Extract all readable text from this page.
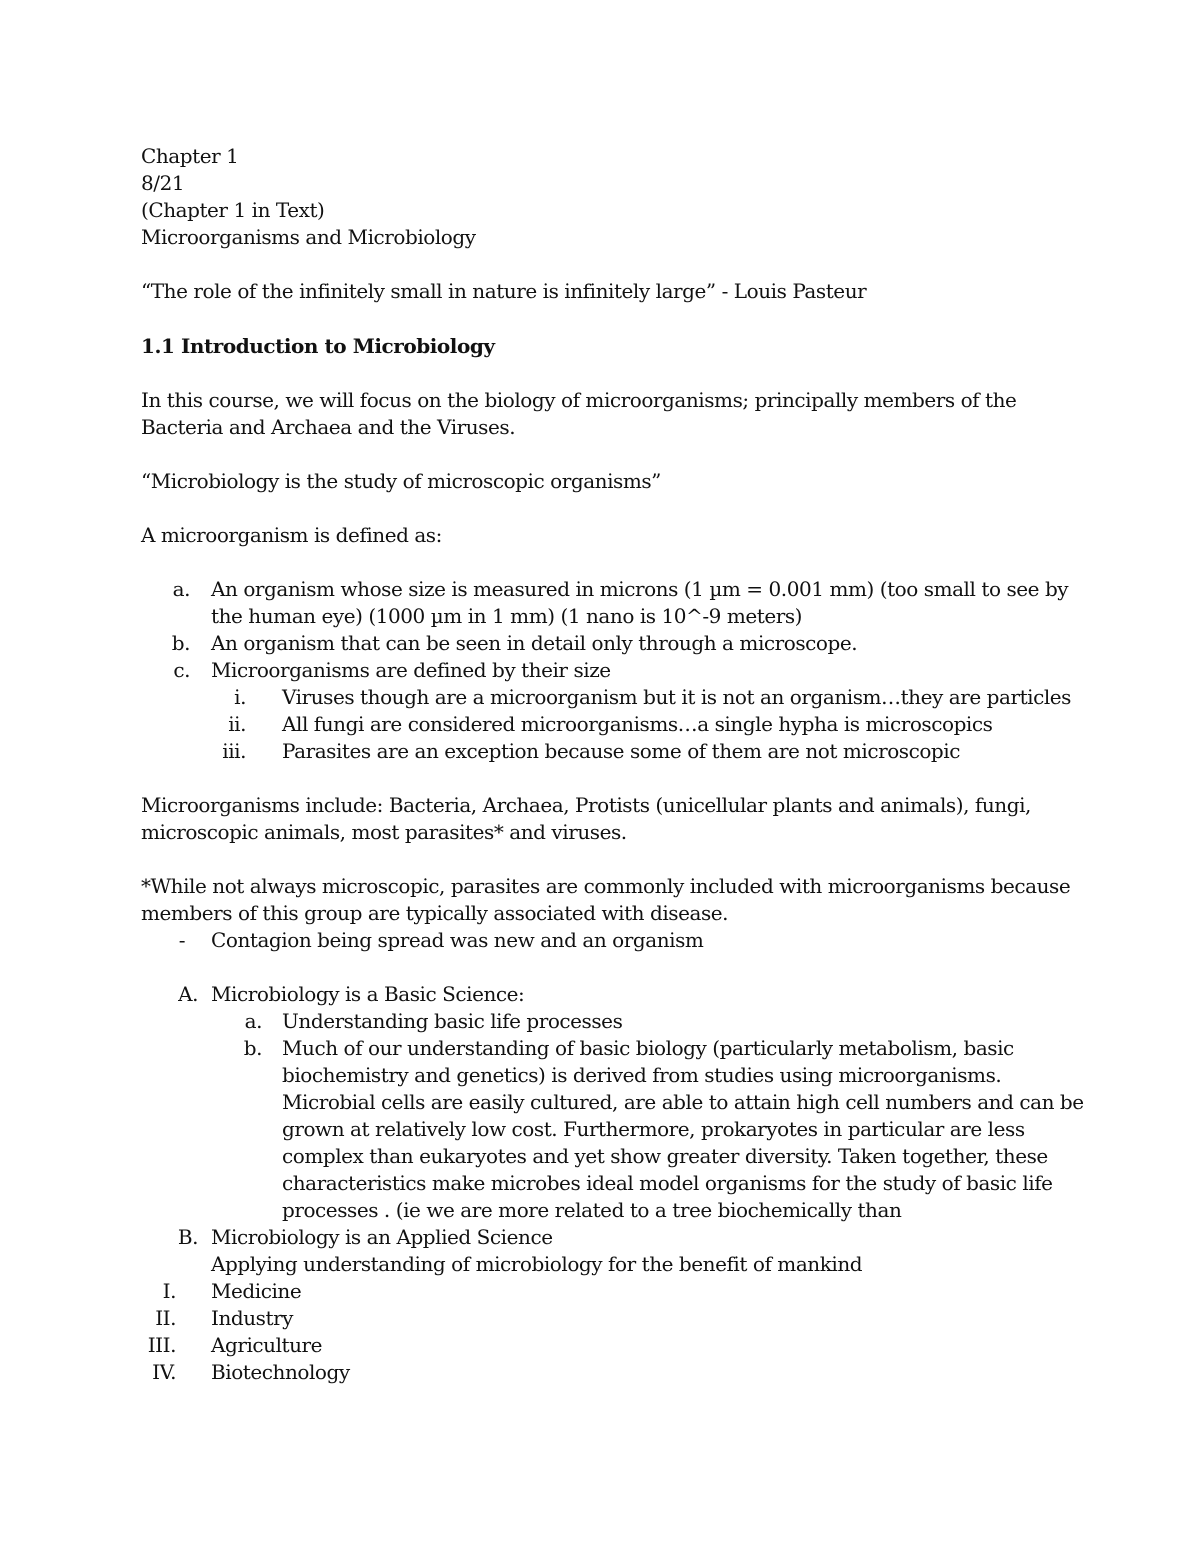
Chapter 1
8/21
(Chapter 1 in Text)
Microorganisms and Microbiology
“The role of the infinitely small in nature is infinitely large” - Louis Pasteur
1.1 Introduction to Microbiology
In this course, we will focus on the biology of microorganisms; principally members of the
Bacteria and Archaea and the Viruses.
“Microbiology is the study of microscopic organisms”
A microorganism is defined as:
a. An organism whose size is measured in microns (1 µm = 0.001 mm) (too small to see by
the human eye) (1000 µm in 1 mm) (1 nano is 10^-9 meters)
b. An organism that can be seen in detail only through a microscope.
c. Microorganisms are defined by their size
i. Viruses though are a microorganism but it is not an organism…they are particles
ii. All fungi are considered microorganisms…a single hypha is microscopics
iii. Parasites are an exception because some of them are not microscopic
Microorganisms include: Bacteria, Archaea, Protists (unicellular plants and animals), fungi,
microscopic animals, most parasites* and viruses.
*While not always microscopic, parasites are commonly included with microorganisms because
members of this group are typically associated with disease.
- Contagion being spread was new and an organism
A. Microbiology is a Basic Science:
a. Understanding basic life processes
b. Much of our understanding of basic biology (particularly metabolism, basic
biochemistry and genetics) is derived from studies using microorganisms.
Microbial cells are easily cultured, are able to attain high cell numbers and can be
grown at relatively low cost. Furthermore, prokaryotes in particular are less
complex than eukaryotes and yet show greater diversity. Taken together, these
characteristics make microbes ideal model organisms for the study of basic life
processes . (ie we are more related to a tree biochemically than
B. Microbiology is an Applied Science
Applying understanding of microbiology for the benefit of mankind
I. Medicine
II. Industry
III. Agriculture
IV. Biotechnology
